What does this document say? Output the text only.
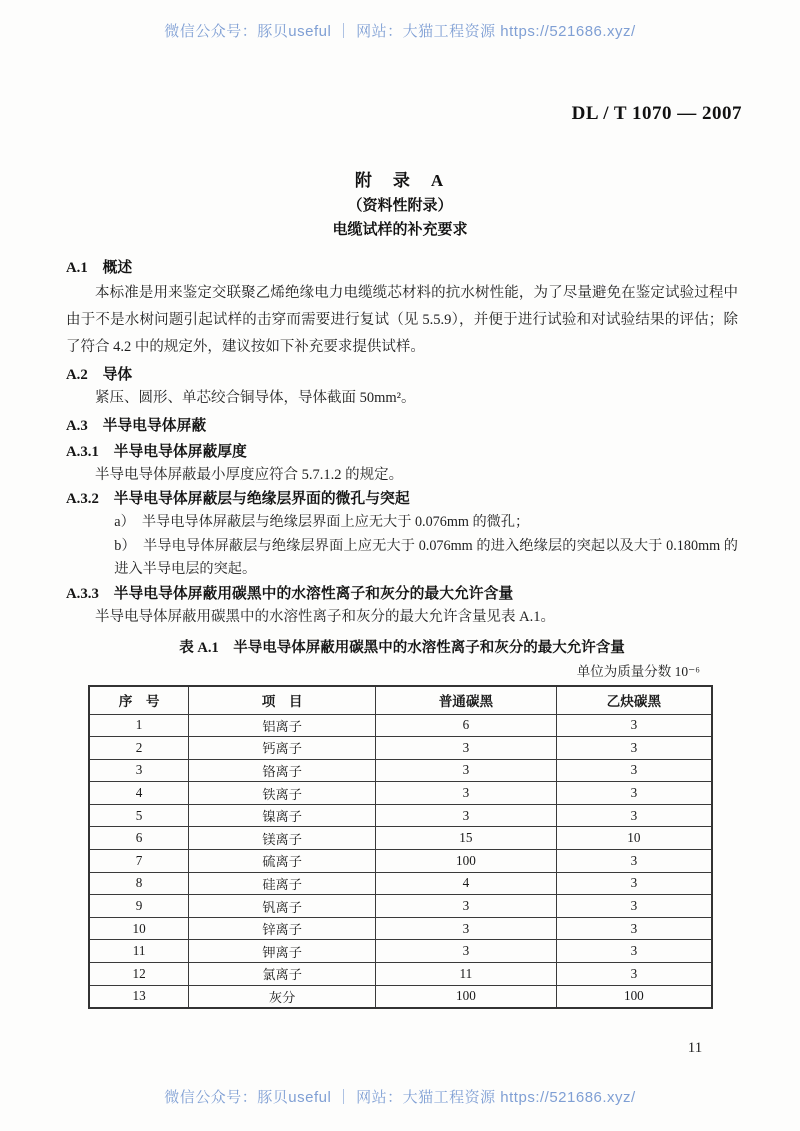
微信公众号：豚贝useful ｜ 网站：大猫工程资源 https://521686.xyz/
DL / T 1070 — 2007
附　录　A
（资料性附录）
电缆试样的补充要求
A.1　概述

本标准是用来鉴定交联聚乙烯绝缘电力电缆缆芯材料的抗水树性能，为了尽量避免在鉴定试验过程中由于不是水树问题引起试样的击穿而需要进行复试（见 5.5.9），并便于进行试验和对试验结果的评估；除了符合 4.2 中的规定外，建议按如下补充要求提供试样。

A.2　导体

紧压、圆形、单芯绞合铜导体，导体截面 50mm²。

A.3　半导电导体屏蔽
A.3.1　半导电导体屏蔽厚度

半导电导体屏蔽最小厚度应符合 5.7.1.2 的规定。

A.3.2　半导电导体屏蔽层与绝缘层界面的微孔与突起
a）　半导电导体屏蔽层与绝缘层界面上应无大于 0.076mm 的微孔；
b）　半导电导体屏蔽层与绝缘层界面上应无大于 0.076mm 的进入绝缘层的突起以及大于 0.180mm 的进入半导电层的突起。
A.3.3　半导电导体屏蔽用碳黑中的水溶性离子和灰分的最大允许含量

半导电导体屏蔽用碳黑中的水溶性离子和灰分的最大允许含量见表 A.1。

表 A.1　半导电导体屏蔽用碳黑中的水溶性离子和灰分的最大允许含量
单位为质量分数 10⁻⁶
序　号	项　目	普通碳黑	乙炔碳黑
1	铝离子	6	3
2	钙离子	3	3
3	铬离子	3	3
4	铁离子	3	3
5	镍离子	3	3
6	镁离子	15	10
7	硫离子	100	3
8	硅离子	4	3
9	钒离子	3	3
10	锌离子	3	3
11	钾离子	3	3
12	氯离子	11	3
13	灰分	100	100
11
微信公众号：豚贝useful ｜ 网站：大猫工程资源 https://521686.xyz/
